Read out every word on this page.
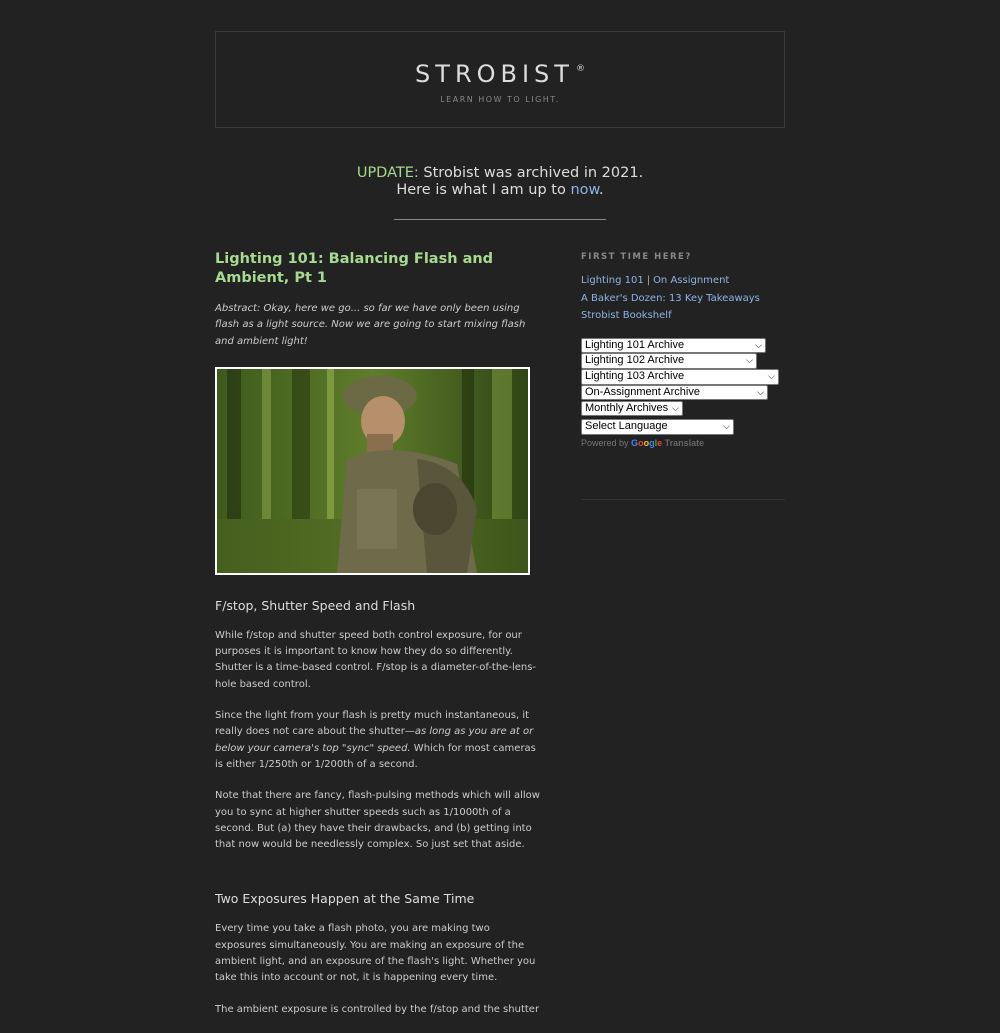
STROBIST ®
LEARN HOW TO LIGHT.
UPDATE: Strobist was archived in 2021.
Here is what I am up to now.
Lighting 101: Balancing Flash and Ambient, Pt 1

Abstract: Okay, here we go... so far we have only been using flash as a light source. Now we are going to start mixing flash and ambient light!

F/stop, Shutter Speed and Flash

While f/stop and shutter speed both control exposure, for our purposes it is important to know how they do so differently. Shutter is a time-based control. F/stop is a diameter-of-the-lens-hole based control.

Since the light from your flash is pretty much instantaneous, it really does not care about the shutter—as long as you are at or below your camera's top "sync" speed. Which for most cameras is either 1/250th or 1/200th of a second.

Note that there are fancy, flash-pulsing methods which will allow you to sync at higher shutter speeds such as 1/1000th of a second. But (a) they have their drawbacks, and (b) getting into that now would be needlessly complex. So just set that aside.

Two Exposures Happen at the Same Time

Every time you take a flash photo, you are making two exposures simultaneously. You are making an exposure of the ambient light, and an exposure of the flash's light. Whether you take this into account or not, it is happening every time.

The ambient exposure is controlled by the f/stop and the shutter

FIRST TIME HERE?
Lighting 101 | On Assignment
A Baker's Dozen: 13 Key Takeaways
Strobist Bookshelf
Lighting 101 Archive	⌵
Lighting 102 Archive	⌵
Lighting 103 Archive	⌵
On-Assignment Archive	⌵
Monthly Archives ⌵
Select Language	⌵
Powered by Google Translate
